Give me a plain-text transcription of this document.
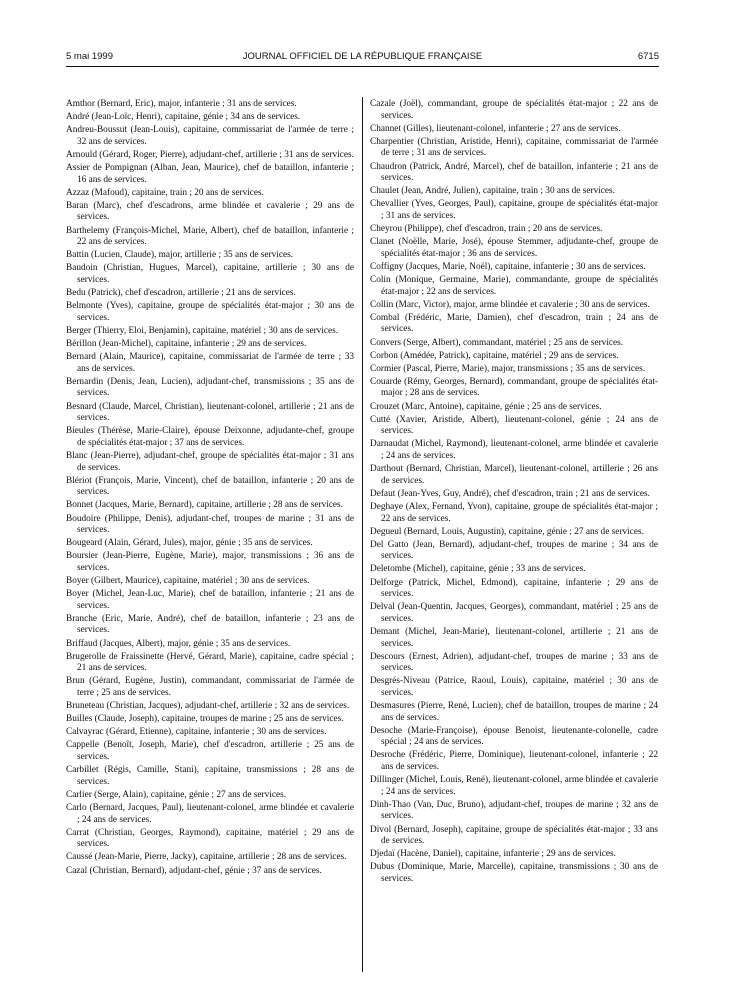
5 mai 1999	JOURNAL OFFICIEL DE LA RÉPUBLIQUE FRANÇAISE	6715

Amthor (Bernard, Eric), major, infanterie ; 31 ans de services.

André (Jean-Loïc, Henri), capitaine, génie ; 34 ans de services.

Andreu-Boussut (Jean-Louis), capitaine, commissariat de l'armée de terre ; 32 ans de services.

Arnould (Gérard, Roger, Pierre), adjudant-chef, artillerie ; 31 ans de services.

Assier de Pompignan (Alban, Jean, Maurice), chef de bataillon, infanterie ; 16 ans de services.

Azzaz (Mafoud), capitaine, train ; 20 ans de services.

Baran (Marc), chef d'escadrons, arme blindée et cavalerie ; 29 ans de services.

Barthelemy (François-Michel, Marie, Albert), chef de bataillon, infanterie ; 22 ans de services.

Battin (Lucien, Claude), major, artillerie ; 35 ans de services.

Baudoin (Christian, Hugues, Marcel), capitaine, artillerie ; 30 ans de services.

Bedu (Patrick), chef d'escadron, artillerie ; 21 ans de services.

Belmonte (Yves), capitaine, groupe de spécialités état-major ; 30 ans de services.

Berger (Thierry, Eloi, Benjamin), capitaine, matériel ; 30 ans de services.

Bérillon (Jean-Michel), capitaine, infanterie ; 29 ans de services.

Bernard (Alain, Maurice), capitaine, commissariat de l'armée de terre ; 33 ans de services.

Bernardin (Denis, Jean, Lucien), adjudant-chef, transmissions ; 35 ans de services.

Besnard (Claude, Marcel, Christian), lieutenant-colonel, artillerie ; 21 ans de services.

Bieules (Thérèse, Marie-Claire), épouse Deixonne, adjudante-chef, groupe de spécialités état-major ; 37 ans de services.

Blanc (Jean-Pierre), adjudant-chef, groupe de spécialités état-major ; 31 ans de services.

Blériot (François, Marie, Vincent), chef de bataillon, infanterie ; 20 ans de services.

Bonnet (Jacques, Marie, Bernard), capitaine, artillerie ; 28 ans de services.

Boudoire (Philippe, Denis), adjudant-chef, troupes de marine ; 31 ans de services.

Bougeard (Alain, Gérard, Jules), major, génie ; 35 ans de services.

Boursier (Jean-Pierre, Eugène, Marie), major, transmissions ; 36 ans de services.

Boyer (Gilbert, Maurice), capitaine, matériel ; 30 ans de services.

Boyer (Michel, Jean-Luc, Marie), chef de bataillon, infanterie ; 21 ans de services.

Branche (Eric, Marie, André), chef de bataillon, infanterie ; 23 ans de services.

Briffaud (Jacques, Albert), major, génie ; 35 ans de services.

Brugerolle de Fraissinette (Hervé, Gérard, Marie), capitaine, cadre spécial ; 21 ans de services.

Brun (Gérard, Eugène, Justin), commandant, commissariat de l'armée de terre ; 25 ans de services.

Bruneteau (Christian, Jacques), adjudant-chef, artillerie ; 32 ans de services.

Builles (Claude, Joseph), capitaine, troupes de marine ; 25 ans de services.

Calvayrac (Gérard, Etienne), capitaine, infanterie ; 30 ans de services.

Cappelle (Benoît, Joseph, Marie), chef d'escadron, artillerie ; 25 ans de services.

Carbillet (Régis, Camille, Stani), capitaine, transmissions ; 28 ans de services.

Carlier (Serge, Alain), capitaine, génie ; 27 ans de services.

Carlo (Bernard, Jacques, Paul), lieutenant-colonel, arme blindée et cavalerie ; 24 ans de services.

Carrat (Christian, Georges, Raymond), capitaine, matériel ; 29 ans de services.

Caussé (Jean-Marie, Pierre, Jacky), capitaine, artillerie ; 28 ans de services.

Cazal (Christian, Bernard), adjudant-chef, génie ; 37 ans de services.

Cazale (Joël), commandant, groupe de spécialités état-major ; 22 ans de services.

Channet (Gilles), lieutenant-colonel, infanterie ; 27 ans de services.

Charpentier (Christian, Aristide, Henri), capitaine, commissariat de l'armée de terre ; 31 ans de services.

Chaudron (Patrick, André, Marcel), chef de bataillon, infanterie ; 21 ans de services.

Chaulet (Jean, André, Julien), capitaine, train ; 30 ans de services.

Chevallier (Yves, Georges, Paul), capitaine, groupe de spécialités état-major ; 31 ans de services.

Cheyrou (Philippe), chef d'escadron, train ; 20 ans de services.

Clanet (Noëlle, Marie, José), épouse Stemmer, adjudante-chef, groupe de spécialités état-major ; 36 ans de services.

Coffigny (Jacques, Marie, Noël), capitaine, infanterie ; 30 ans de services.

Colin (Monique, Germaine, Marie), commandante, groupe de spécialités état-major ; 22 ans de services.

Collin (Marc, Victor), major, arme blindée et cavalerie ; 30 ans de services.

Combal (Frédéric, Marie, Damien), chef d'escadron, train ; 24 ans de services.

Convers (Serge, Albert), commandant, matériel ; 25 ans de services.

Corbon (Amédée, Patrick), capitaine, matériel ; 29 ans de services.

Cormier (Pascal, Pierre, Marie), major, transmissions ; 35 ans de services.

Couarde (Rémy, Georges, Bernard), commandant, groupe de spécialités état-major ; 28 ans de services.

Crouzet (Marc, Antoine), capitaine, génie ; 25 ans de services.

Cutté (Xavier, Aristide, Albert), lieutenant-colonel, génie ; 24 ans de services.

Darnaudat (Michel, Raymond), lieutenant-colonel, arme blindée et cavalerie ; 24 ans de services.

Darthout (Bernard, Christian, Marcel), lieutenant-colonel, artillerie ; 26 ans de services.

Defaut (Jean-Yves, Guy, André), chef d'escadron, train ; 21 ans de services.

Deghaye (Alex, Fernand, Yvon), capitaine, groupe de spécialités état-major ; 22 ans de services.

Degueul (Bernard, Louis, Augustin), capitaine, génie ; 27 ans de services.

Del Gatto (Jean, Bernard), adjudant-chef, troupes de marine ; 34 ans de services.

Deletombe (Michel), capitaine, génie ; 33 ans de services.

Delforge (Patrick, Michel, Edmond), capitaine, infanterie ; 29 ans de services.

Delval (Jean-Quentin, Jacques, Georges), commandant, matériel ; 25 ans de services.

Demant (Michel, Jean-Marie), lieutenant-colonel, artillerie ; 21 ans de services.

Descours (Ernest, Adrien), adjudant-chef, troupes de marine ; 33 ans de services.

Desgrés-Niveau (Patrice, Raoul, Louis), capitaine, matériel ; 30 ans de services.

Desmasures (Pierre, René, Lucien), chef de bataillon, troupes de marine ; 24 ans de services.

Desoche (Marie-Françoise), épouse Benoist, lieutenante-colonelle, cadre spécial ; 24 ans de services.

Desroche (Frédéric, Pierre, Dominique), lieutenant-colonel, infanterie ; 22 ans de services.

Dillinger (Michel, Louis, René), lieutenant-colonel, arme blindée et cavalerie ; 24 ans de services.

Dinh-Thao (Van, Duc, Bruno), adjudant-chef, troupes de marine ; 32 ans de services.

Divol (Bernard, Joseph), capitaine, groupe de spécialités état-major ; 33 ans de services.

Djedaï (Hacène, Daniel), capitaine, infanterie ; 29 ans de services.

Dubus (Dominique, Marie, Marcelle), capitaine, transmissions ; 30 ans de services.
